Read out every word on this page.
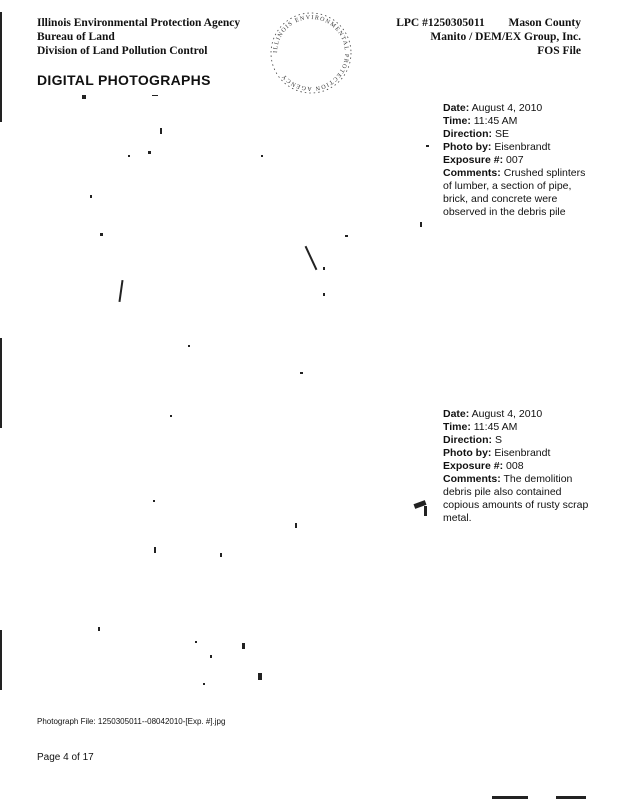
Illinois Environmental Protection Agency
Bureau of Land
Division of Land Pollution Control	ILLINOIS ENVIRONMENTAL PROTECTION AGENCY
LPC #1250305011 Mason County
Manito / DEM/EX Group, Inc.
FOS File
DIGITAL PHOTOGRAPHS
Date: August 4, 2010
Time: 11:45 AM
Direction: SE
Photo by: Eisenbrandt
Exposure #: 007
Comments: Crushed splinters of lumber, a section of pipe, brick, and concrete were observed in the debris pile
Date: August 4, 2010
Time: 11:45 AM
Direction: S
Photo by: Eisenbrandt
Exposure #: 008
Comments: The demolition debris pile also contained copious amounts of rusty scrap metal.
Photograph File: 1250305011--08042010-[Exp. #].jpg
Page 4 of 17
